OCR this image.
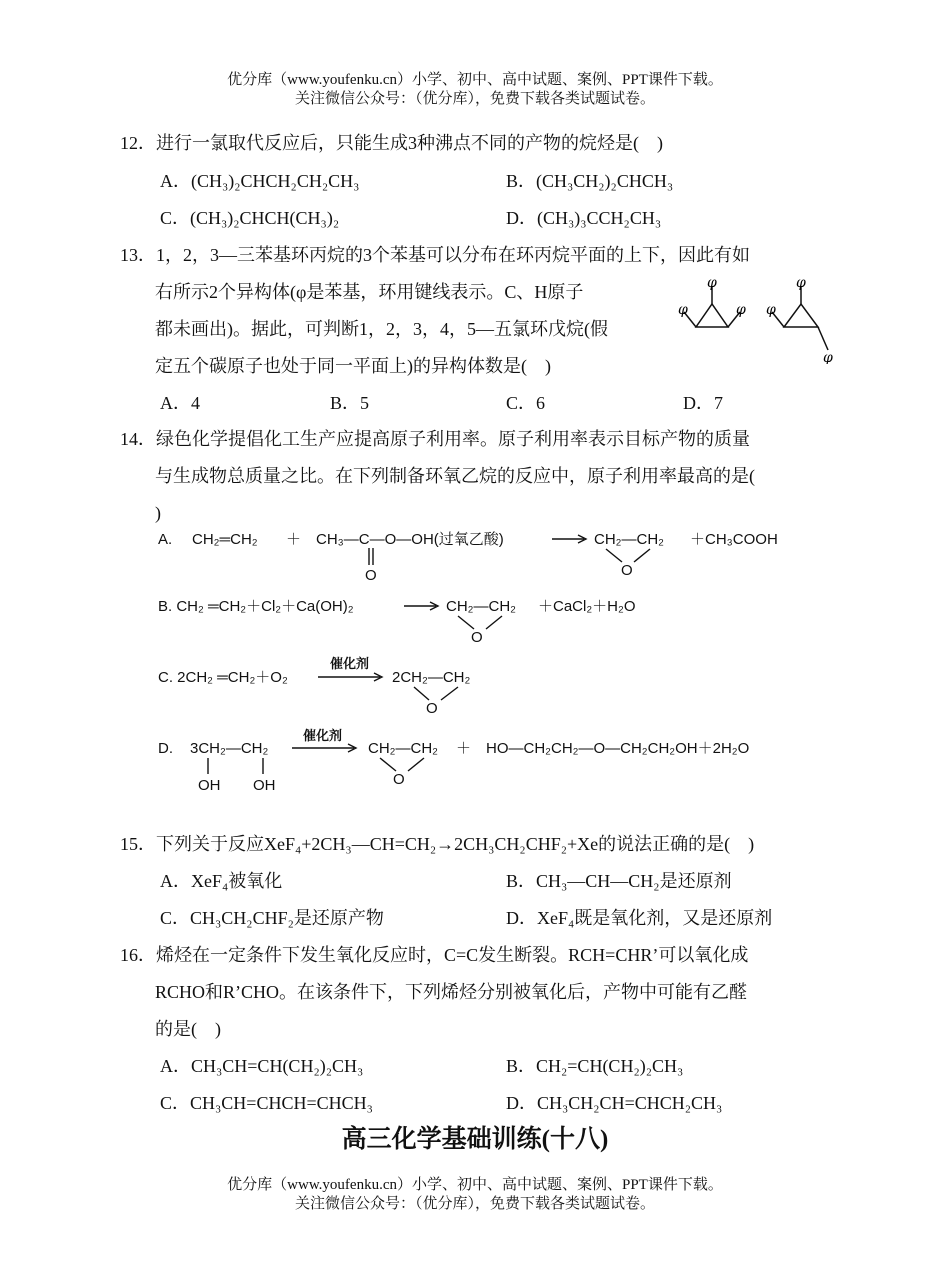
优分库（www.youfenku.cn）小学、初中、高中试题、案例、PPT课件下载。
关注微信公众号：（优分库），免费下载各类试题试卷。
12．进行一氯取代反应后，只能生成3种沸点不同的产物的烷烃是(　)
A．(CH₃)₂CHCH₂CH₂CH₃	B．(CH₃CH₂)₂CHCH₃
C．(CH₃)₂CHCH(CH₃)₂	D．(CH₃)₃CCH₂CH₃
13．1，2，3—三苯基环丙烷的3个苯基可以分布在环丙烷平面的上下，因此有如
右所示2个异构体(φ是苯基，环用键线表示。C、H原子
都未画出)。据此，可判断1，2，3，4，5—五氯环戊烷(假
定五个碳原子也处于同一平面上)的异构体数是(　)
φ
φ	φ
φ
φ
φ
A．4	B．5	C．6	D．7
14．绿色化学提倡化工生产应提高原子利用率。原子利用率表示目标产物的质量
与生成物总质量之比。在下列制备环氧乙烷的反应中，原子利用率最高的是(
)
A. CH₂═CH₂ ＋ CH₃—C—O—OH(过氧乙酸)
O
CH₂—CH₂
O
＋CH₃COOH
B. CH₂ ═CH₂＋Cl₂＋Ca(OH)₂	CH₂—CH₂
O
＋CaCl₂＋H₂O
C. 2CH₂ ═CH₂＋O₂
催化剂
2CH₂—CH₂
O
D. 3CH₂—CH₂
OH OH
催化剂
CH₂—CH₂
O
＋　HO—CH₂CH₂—O—CH₂CH₂OH＋2H₂O
15．下列关于反应XeF₄+2CH₃—CH=CH₂→2CH₃CH₂CHF₂+Xe的说法正确的是(　)
A．XeF₄被氧化	B．CH₃—CH—CH₂是还原剂
C．CH₃CH₂CHF₂是还原产物	D．XeF₄既是氧化剂，又是还原剂
16．烯烃在一定条件下发生氧化反应时，C=C发生断裂。RCH=CHR’可以氧化成
RCHO和R’CHO。在该条件下，下列烯烃分别被氧化后，产物中可能有乙醛
的是(　)
A．CH₃CH=CH(CH₂)₂CH₃	B．CH₂=CH(CH₂)₂CH₃
C．CH₃CH=CHCH=CHCH₃	D．CH₃CH₂CH=CHCH₂CH₃
高三化学基础训练(十八)
优分库（www.youfenku.cn）小学、初中、高中试题、案例、PPT课件下载。
关注微信公众号：（优分库），免费下载各类试题试卷。
